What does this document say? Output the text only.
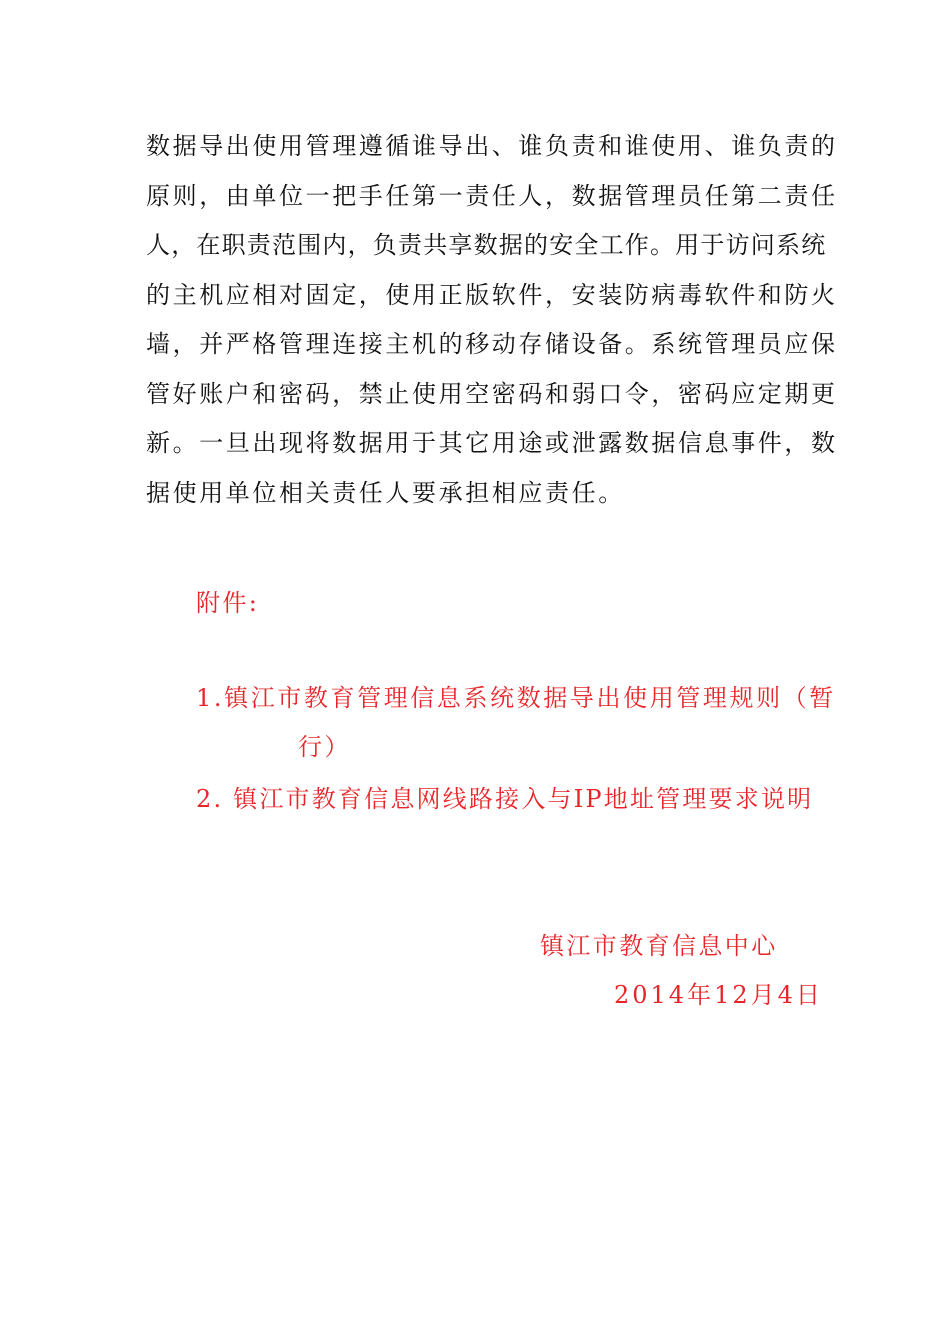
数据导出使用管理遵循谁导出、谁负责和谁使用、谁负责的
原则，由单位一把手任第一责任人，数据管理员任第二责任
人，在职责范围内，负责共享数据的安全工作。用于访问系统
的主机应相对固定，使用正版软件，安装防病毒软件和防火
墙，并严格管理连接主机的移动存储设备。系统管理员应保
管好账户和密码，禁止使用空密码和弱口令，密码应定期更
新。一旦出现将数据用于其它用途或泄露数据信息事件，数
据使用单位相关责任人要承担相应责任。
附件:
1.镇江市教育管理信息系统数据导出使用管理规则（暂
行）
2. 镇江市教育信息网线路接入与IP地址管理要求说明
镇江市教育信息中心
2014年12月4日
